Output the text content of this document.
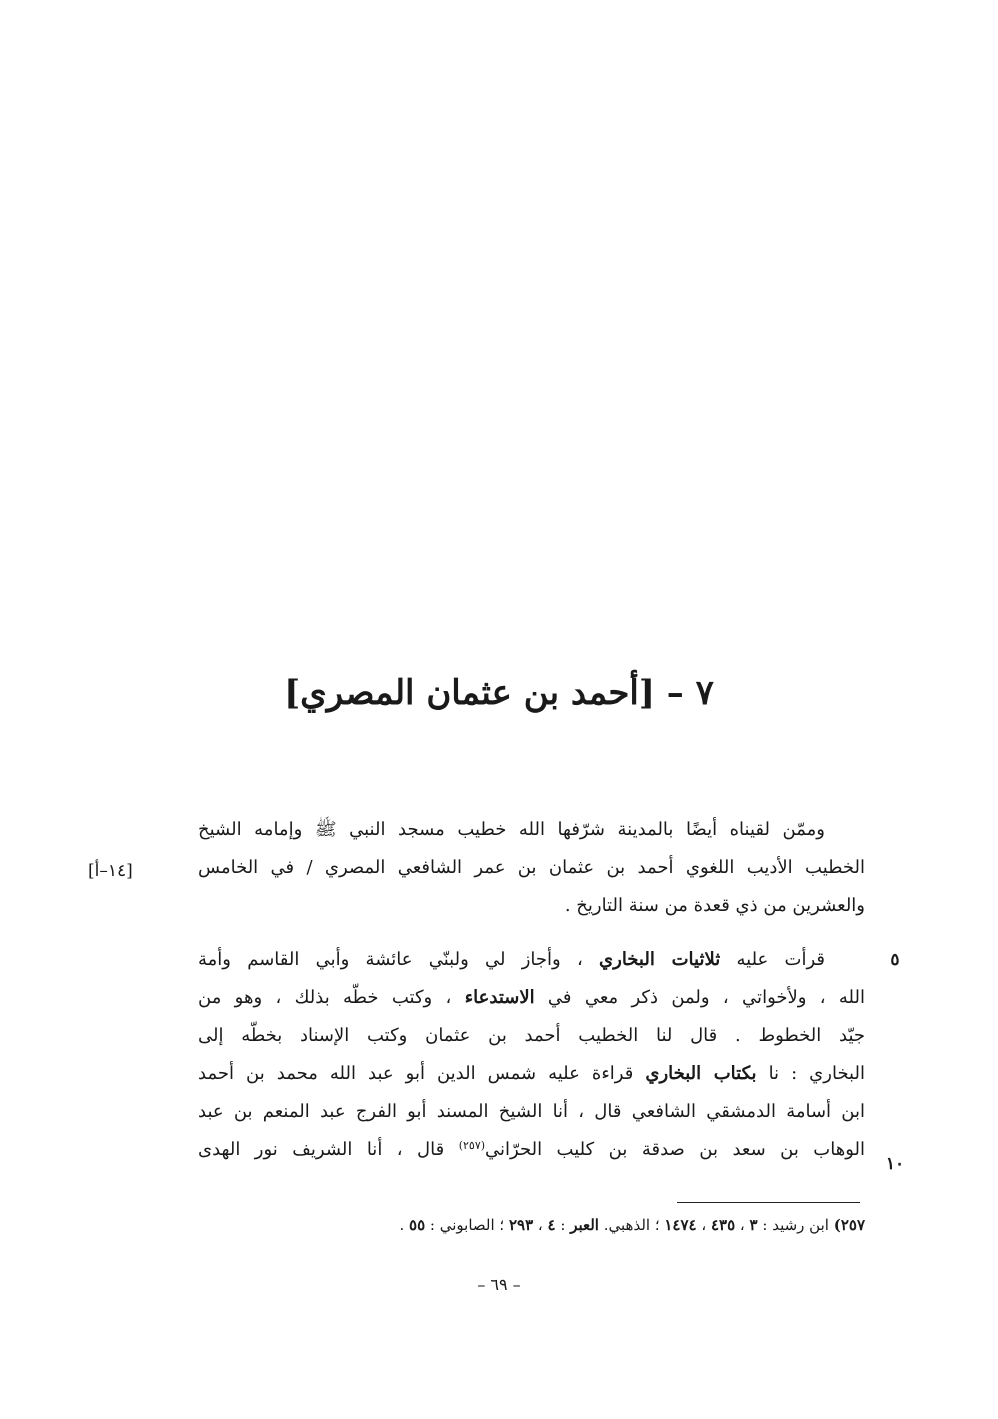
٧ – [أحمد بن عثمان المصري]
[١٤–أ]
٥
١٠
وممّن لقيناه أيضًا بالمدينة شرّفها الله خطيب مسجد النبي ﷺ وإمامه الشيخ
الخطيب الأديب اللغوي أحمد بن عثمان بن عمر الشافعي المصري / في الخامس
والعشرين من ذي قعدة من سنة التاريخ .
قرأت عليه ثلاثيات البخاري ، وأجاز لي ولبنّي عائشة وأبي القاسم وأمة
الله ، ولأخواتي ، ولمن ذكر معي في الاستدعاء ، وكتب خطّه بذلك ، وهو من
جيّد الخطوط . قال لنا الخطيب أحمد بن عثمان وكتب الإسناد بخطّه إلى
البخاري : نا بكتاب البخاري قراءة عليه شمس الدين أبو عبد الله محمد بن أحمد
ابن أسامة الدمشقي الشافعي قال ، أنا الشيخ المسند أبو الفرج عبد المنعم بن عبد
الوهاب بن سعد بن صدقة بن كليب الحرّاني$^{(٢٥٧)}$ قال ، أنا الشريف نور الهدى
٢٥٧) ابن رشيد : ٣ ، ٤٣٥ ، ١٤٧٤ ؛ الذهبي. العبر : ٤ ، ٢٩٣ ؛ الصابوني : ٥٥ .
– ٦٩ –
